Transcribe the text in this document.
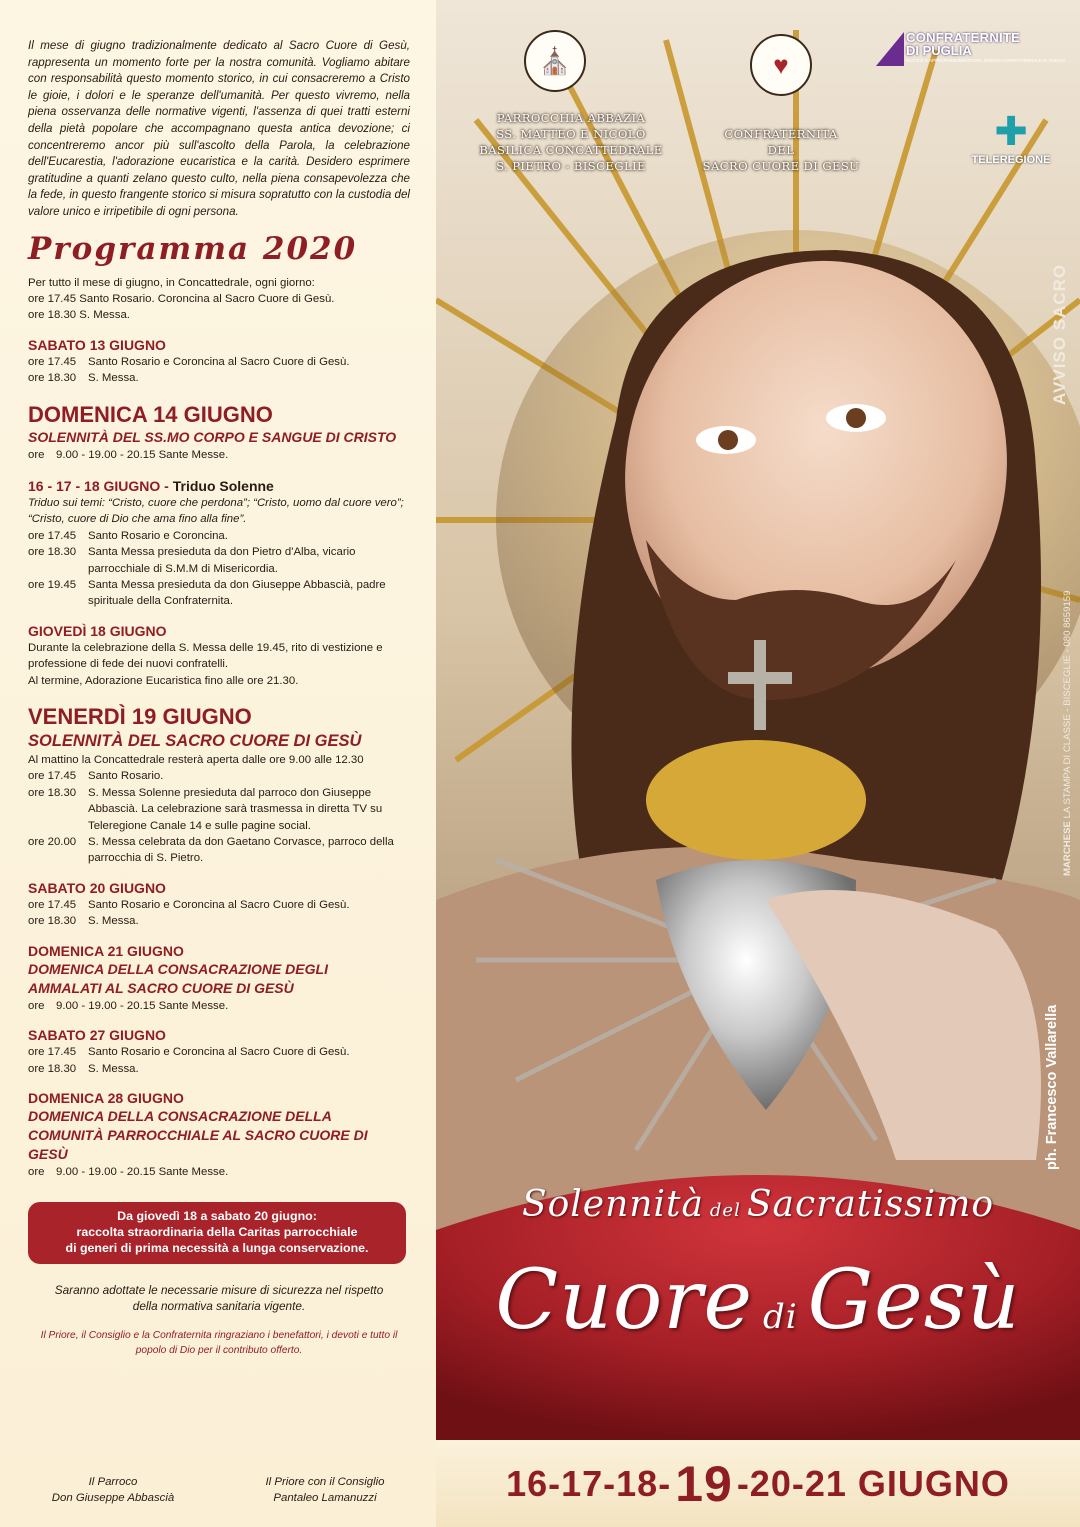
Il mese di giugno tradizionalmente dedicato al Sacro Cuore di Gesù, rappresenta un momento forte per la nostra comunità. Vogliamo abitare con responsabilità questo momento storico, in cui consacreremo a Cristo le gioie, i dolori e le speranze dell'umanità. Per questo vivremo, nella piena osservanza delle normative vigenti, l'assenza di quei tratti esterni della pietà popolare che accompagnano questa antica devozione; ci concentreremo ancor più sull'ascolto della Parola, la celebrazione dell'Eucarestia, l'adorazione eucaristica e la carità. Desidero esprimere gratitudine a quanti zelano questo culto, nella piena consapevolezza che la fede, in questo frangente storico si misura sopratutto con la custodia del valore unico e irripetibile di ogni persona.

Programma 2020
Per tutto il mese di giugno, in Concattedrale, ogni giorno:
ore 17.45 Santo Rosario. Coroncina al Sacro Cuore di Gesù.
ore 18.30 S. Messa.
SABATO 13 GIUGNO
ore 17.45	Santo Rosario e Coroncina al Sacro Cuore di Gesù.
ore 18.30	S. Messa.
DOMENICA 14 GIUGNO
SOLENNITÀ DEL SS.MO CORPO E SANGUE DI CRISTO
ore	9.00 - 19.00 - 20.15 Sante Messe.
16 - 17 - 18 GIUGNO - Triduo Solenne
Triduo sui temi: “Cristo, cuore che perdona”; “Cristo, uomo dal cuore vero”; “Cristo, cuore di Dio che ama fino alla fine”.
ore 17.45	Santo Rosario e Coroncina.
ore 18.30	Santa Messa presieduta da don Pietro d'Alba, vicario parrocchiale di S.M.M di Misericordia.
ore 19.45	Santa Messa presieduta da don Giuseppe Abbascià, padre spirituale della Confraternita.
GIOVEDÌ 18 GIUGNO
Durante la celebrazione della S. Messa delle 19.45, rito di vestizione e professione di fede dei nuovi confratelli.
Al termine, Adorazione Eucaristica fino alle ore 21.30.
VENERDÌ 19 GIUGNO
SOLENNITÀ DEL SACRO CUORE DI GESÙ
Al mattino la Concattedrale resterà aperta dalle ore 9.00 alle 12.30
ore 17.45	Santo Rosario.
ore 18.30	S. Messa Solenne presieduta dal parroco don Giuseppe Abbascià. La celebrazione sarà trasmessa in diretta TV su Teleregione Canale 14 e sulle pagine social.
ore 20.00	S. Messa celebrata da don Gaetano Corvasce, parroco della parrocchia di S. Pietro.
SABATO 20 GIUGNO
ore 17.45	Santo Rosario e Coroncina al Sacro Cuore di Gesù.
ore 18.30	S. Messa.
DOMENICA 21 GIUGNO
DOMENICA DELLA CONSACRAZIONE DEGLI
AMMALATI AL SACRO CUORE DI GESÙ
ore	9.00 - 19.00 - 20.15 Sante Messe.
SABATO 27 GIUGNO
ore 17.45	Santo Rosario e Coroncina al Sacro Cuore di Gesù.
ore 18.30	S. Messa.
DOMENICA 28 GIUGNO
DOMENICA DELLA CONSACRAZIONE DELLA
COMUNITÀ PARROCCHIALE AL SACRO CUORE DI GESÙ
ore	9.00 - 19.00 - 20.15 Sante Messe.
Da giovedì 18 a sabato 20 giugno:
raccolta straordinaria della Caritas parrocchiale
di generi di prima necessità a lunga conservazione.
Saranno adottate le necessarie misure di sicurezza nel rispetto della normativa sanitaria vigente.
Il Priore, il Consiglio e la Confraternita ringraziano i benefattori, i devoti e tutto il popolo di Dio per il contributo offerto.
Il Parroco
Don Giuseppe Abbascià
Il Priore con il Consiglio
Pantaleo Lamanuzzi
⛪
PARROCCHIA ABBAZIA
SS. MATTEO E NICOLÒ
BASILICA CONCATTEDRALE
S. PIETRO - BISCEGLIE
♥
CONFRATERNITA
DEL
SACRO CUORE DI GESÙ
CONFRATERNITE
DI PUGLIA
NOTIZIE E APPROFONDIMENTI DEL MONDO CONFRATERNALE DI PUGLIA
✚
TELEREGIONE
AVVISO SACRO
MARCHESE LA STAMPA DI CLASSE - BISCEGLIE - 080 8659159
ph. Francesco Vallarella
Solennità del Sacratissimo
Cuore di Gesù
16-17-18- 19 -20-21 GIUGNO
